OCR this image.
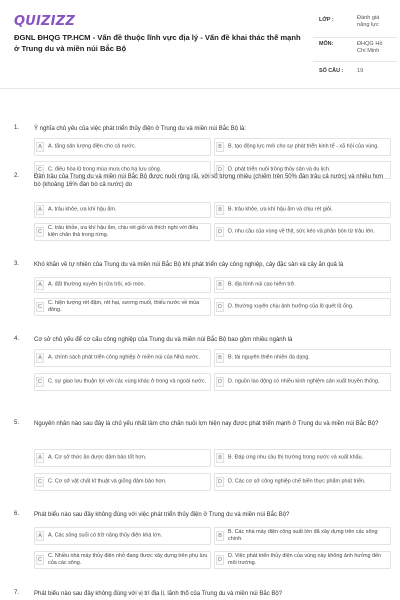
QUIZIZZ
ĐGNL ĐHQG TP.HCM - Vấn đề thuộc lĩnh vực địa lý - Vấn đề khai thác thế mạnh ở Trung du và miền núi Bắc Bộ
LỚP :	Đánh giá năng lực
MÔN:	ĐHQG Hồ Chí Minh
SỐ CÂU : 19
1. Ý nghĩa chủ yếu của việc phát triển thủy điện ở Trung du và miền núi Bắc Bộ là:
A	A. tăng sản lượng điện cho cả nước.	B	B. tạo động lực mới cho sự phát triển kinh tế - xã hội của vùng.
C	C. điều hòa lũ trong mùa mưa cho hạ lưu sông.	D	D. phát triển nuôi trồng thủy sản và du lịch.
2. Đàn trâu của Trung du và miền núi Bắc Bộ được nuôi rộng rãi, với số lượng nhiều (chiếm trên 50% đàn trâu cả nước) và nhiều hơn bò (khoảng 16% đàn bò cả nước) do
A	A. trâu khỏe, ưa khí hậu ẩm.	B	B. trâu khỏe, ưa khí hậu ẩm và chịu rét giỏi.
C
C. trâu khỏe, ưa khí hậu ẩm, chịu rét giỏi và thích nghi với điều kiện chăn thả trong rừng.	D	D. nhu cầu của vùng về thịt, sức kéo và phân bón từ trâu lớn.
3. Khó khăn về tự nhiên của Trung du và miền núi Bắc Bộ khi phát triển cây công nghiệp, cây đặc sản và cây ăn quả là
A	A. đất thường xuyên bị rửa trôi, xói mòn.	B	B. địa hình núi cao hiểm trở.
C
C. hiện tượng rét đậm, rét hại, sương muối, thiếu nước về mùa đông.	D	D. thường xuyên chịu ảnh hưởng của lũ quét lũ ống.
4. Cơ sở chủ yếu để cơ cấu công nghiệp của Trung du và miền núi Bắc Bộ bao gồm nhiều ngành là
A	A. chính sách phát triển công nghiệp ở miền núi của Nhà nước.	B	B. tài nguyên thiên nhiên đa dạng.
C	C. sự giao lưu thuận lợi với các vùng khác ở trong và ngoài nước.	D	D. nguồn lao động có nhiều kinh nghiệm sản xuất truyền thống.
5. Nguyên nhân nào sau đây là chủ yếu nhất làm cho chăn nuôi lợn hiện nay được phát triển mạnh ở Trung du và miền núi Bắc Bộ?
A	A. Cơ sở thức ăn được đảm bảo tốt hơn.	B	B. Đáp ứng nhu cầu thị trường trong nước và xuất khẩu.
C	C. Cơ sở vật chất kĩ thuật và giống đảm bảo hơn.	D	D. Các cơ sở công nghiệp chế biến thực phẩm phát triển.
6. Phát biểu nào sau đây không đúng với việc phát triển thủy điện ở Trung du và miền núi Bắc Bộ?
A	A. Các sông suối có trữ năng thủy điện khá lớn.	B
B. Các nhà máy điện công suất lớn đã xây dựng trên các sông chính.
C
C. Nhiều nhà máy thủy điện nhỏ đang được xây dựng trên phụ lưu của các sông.	D
D. Việc phát triển thủy điện của vùng này không ảnh hưởng đến môi trường.
7. Phát biểu nào sau đây không đúng với vị trí địa lí, lãnh thổ của Trung du và miền núi Bắc Bộ?
